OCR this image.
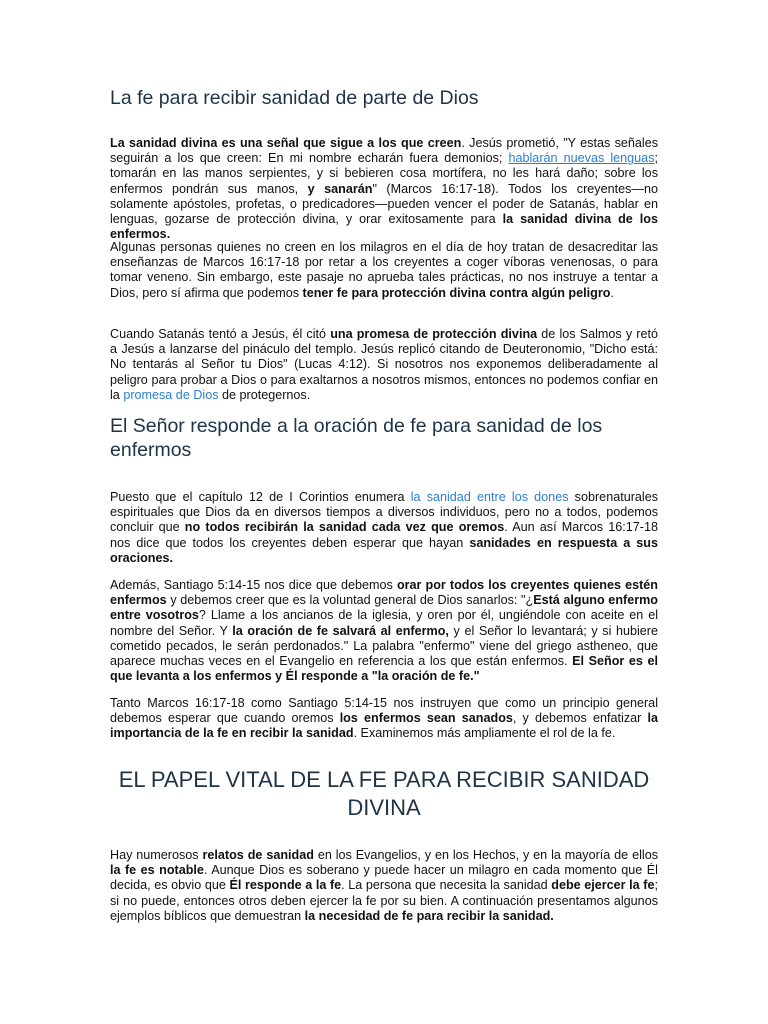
La fe para recibir sanidad de parte de Dios

La sanidad divina es una señal que sigue a los que creen. Jesús prometió, "Y estas señales seguirán a los que creen: En mi nombre echarán fuera demonios; hablarán nuevas lenguas; tomarán en las manos serpientes, y si bebieren cosa mortífera, no les hará daño; sobre los enfermos pondrán sus manos, y sanarán" (Marcos 16:17-18). Todos los creyentes—no solamente apóstoles, profetas, o predicadores—pueden vencer el poder de Satanás, hablar en lenguas, gozarse de protección divina, y orar exitosamente para la sanidad divina de los enfermos.

Algunas personas quienes no creen en los milagros en el día de hoy tratan de desacreditar las enseñanzas de Marcos 16:17-18 por retar a los creyentes a coger víboras venenosas, o para tomar veneno. Sin embargo, este pasaje no aprueba tales prácticas, no nos instruye a tentar a Dios, pero sí afirma que podemos tener fe para protección divina contra algún peligro.

Cuando Satanás tentó a Jesús, él citó una promesa de protección divina de los Salmos y retó a Jesús a lanzarse del pináculo del templo. Jesús replicó citando de Deuteronomio, "Dicho está: No tentarás al Señor tu Dios" (Lucas 4:12). Si nosotros nos exponemos deliberadamente al peligro para probar a Dios o para exaltarnos a nosotros mismos, entonces no podemos confiar en la promesa de Dios de protegernos.

El Señor responde a la oración de fe para sanidad de los enfermos

Puesto que el capítulo 12 de I Corintios enumera la sanidad entre los dones sobrenaturales espirituales que Dios da en diversos tiempos a diversos individuos, pero no a todos, podemos concluir que no todos recibirán la sanidad cada vez que oremos. Aun así Marcos 16:17-18 nos dice que todos los creyentes deben esperar que hayan sanidades en respuesta a sus oraciones.

Además, Santiago 5:14-15 nos dice que debemos orar por todos los creyentes quienes estén enfermos y debemos creer que es la voluntad general de Dios sanarlos: "¿Está alguno enfermo entre vosotros? Llame a los ancianos de la iglesia, y oren por él, ungiéndole con aceite en el nombre del Señor. Y la oración de fe salvará al enfermo, y el Señor lo levantará; y si hubiere cometido pecados, le serán perdonados." La palabra "enfermo" viene del griego astheneo, que aparece muchas veces en el Evangelio en referencia a los que están enfermos. El Señor es el que levanta a los enfermos y Él responde a "la oración de fe."

Tanto Marcos 16:17-18 como Santiago 5:14-15 nos instruyen que como un principio general debemos esperar que cuando oremos los enfermos sean sanados, y debemos enfatizar la importancia de la fe en recibir la sanidad. Examinemos más ampliamente el rol de la fe.

EL PAPEL VITAL DE LA FE PARA RECIBIR SANIDAD DIVINA

Hay numerosos relatos de sanidad en los Evangelios, y en los Hechos, y en la mayoría de ellos la fe es notable. Aunque Dios es soberano y puede hacer un milagro en cada momento que Él decida, es obvio que Él responde a la fe. La persona que necesita la sanidad debe ejercer la fe; si no puede, entonces otros deben ejercer la fe por su bien. A continuación presentamos algunos ejemplos bíblicos que demuestran la necesidad de fe para recibir la sanidad.
